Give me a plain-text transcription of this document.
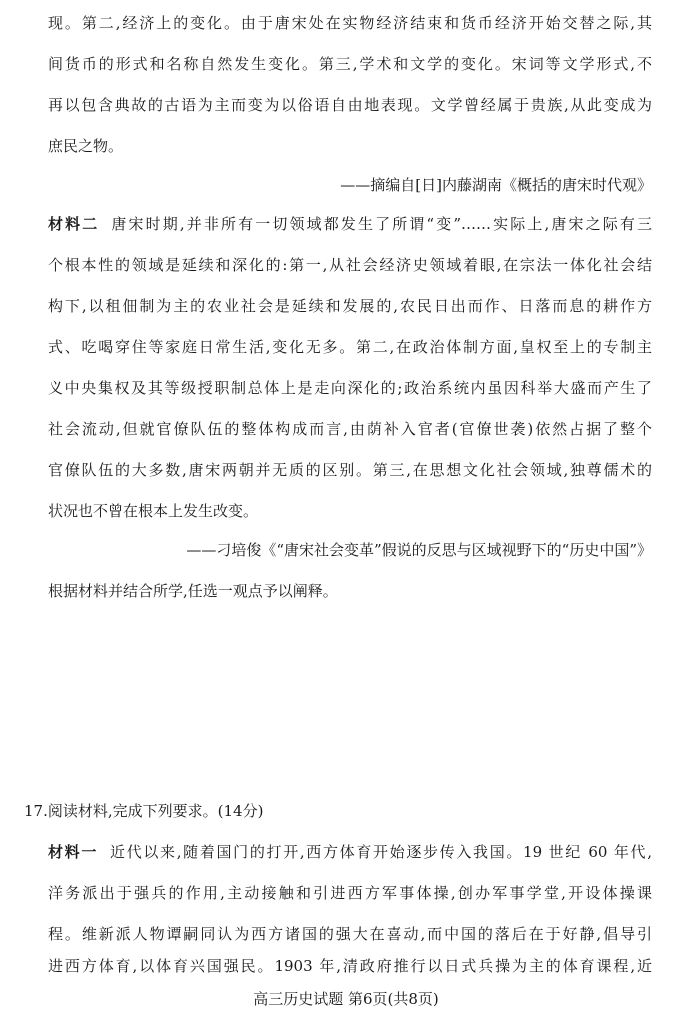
现。第二,经济上的变化。由于唐宋处在实物经济结束和货币经济开始交替之际,其
间货币的形式和名称自然发生变化。第三,学术和文学的变化。宋词等文学形式,不
再以包含典故的古语为主而变为以俗语自由地表现。文学曾经属于贵族,从此变成为
庶民之物。
——摘编自[日]内藤湖南《概括的唐宋时代观》
材料二 唐宋时期,并非所有一切领域都发生了所谓“变”……实际上,唐宋之际有三
个根本性的领域是延续和深化的:第一,从社会经济史领域着眼,在宗法一体化社会结
构下,以租佃制为主的农业社会是延续和发展的,农民日出而作、日落而息的耕作方
式、吃喝穿住等家庭日常生活,变化无多。第二,在政治体制方面,皇权至上的专制主
义中央集权及其等级授职制总体上是走向深化的;政治系统内虽因科举大盛而产生了
社会流动,但就官僚队伍的整体构成而言,由荫补入官者(官僚世袭)依然占据了整个
官僚队伍的大多数,唐宋两朝并无质的区别。第三,在思想文化社会领域,独尊儒术的
状况也不曾在根本上发生改变。
——刁培俊《“唐宋社会变革”假说的反思与区域视野下的“历史中国”》
根据材料并结合所学,任选一观点予以阐释。
17.阅读材料,完成下列要求。(14分)
材料一 近代以来,随着国门的打开,西方体育开始逐步传入我国。19 世纪 60 年代,
洋务派出于强兵的作用,主动接触和引进西方军事体操,创办军事学堂,开设体操课
程。维新派人物谭嗣同认为西方诸国的强大在喜动,而中国的落后在于好静,倡导引
进西方体育,以体育兴国强民。1903 年,清政府推行以日式兵操为主的体育课程,近
高三历史试题 第6页(共8页)
